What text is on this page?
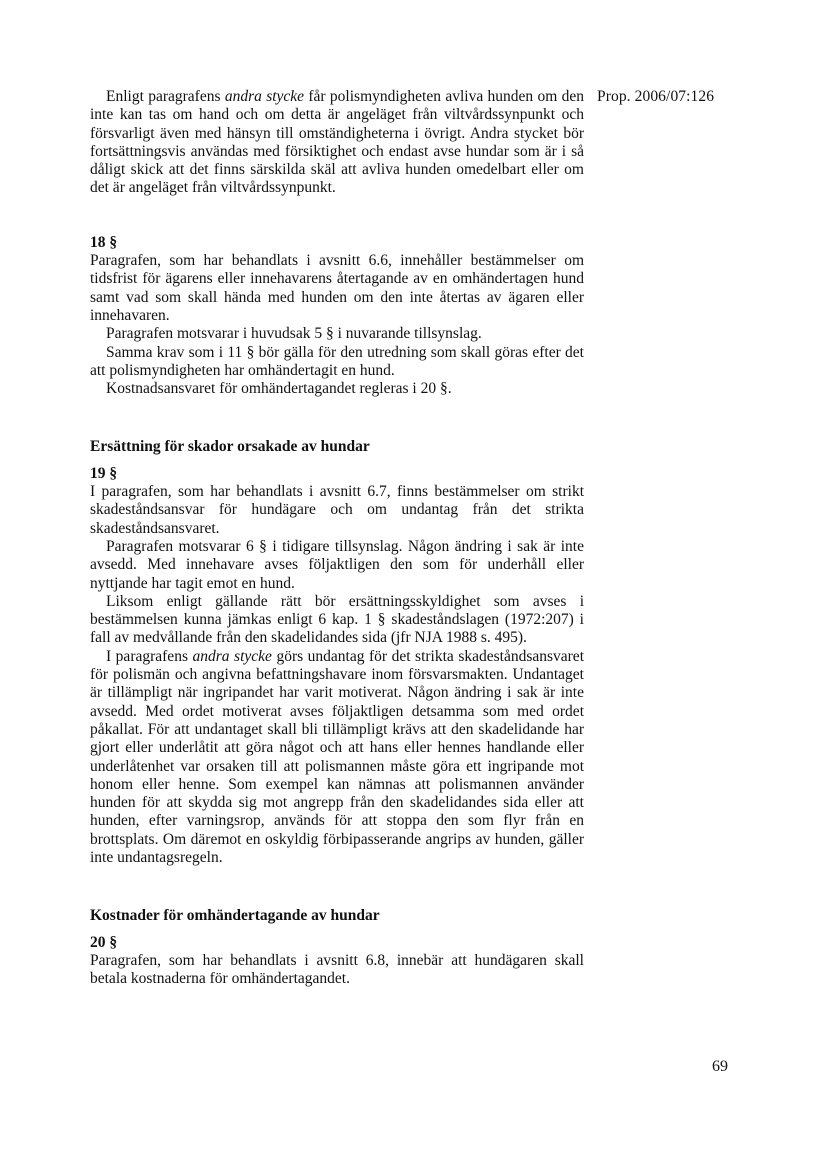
Prop. 2006/07:126

Enligt paragrafens andra stycke får polismyndigheten avliva hunden om den inte kan tas om hand och om detta är angeläget från viltvårdssynpunkt och försvarligt även med hänsyn till omständigheterna i övrigt. Andra stycket bör fortsättningsvis användas med försiktighet och endast avse hundar som är i så dåligt skick att det finns särskilda skäl att avliva hunden omedelbart eller om det är angeläget från viltvårdssynpunkt.

18 §

Paragrafen, som har behandlats i avsnitt 6.6, innehåller bestämmelser om tidsfrist för ägarens eller innehavarens återtagande av en omhändertagen hund samt vad som skall hända med hunden om den inte återtas av ägaren eller innehavaren.

Paragrafen motsvarar i huvudsak 5 § i nuvarande tillsynslag.

Samma krav som i 11 § bör gälla för den utredning som skall göras efter det att polismyndigheten har omhändertagit en hund.

Kostnadsansvaret för omhändertagandet regleras i 20 §.

Ersättning för skador orsakade av hundar

19 §

I paragrafen, som har behandlats i avsnitt 6.7, finns bestämmelser om strikt skadeståndsansvar för hundägare och om undantag från det strikta skadeståndsansvaret.

Paragrafen motsvarar 6 § i tidigare tillsynslag. Någon ändring i sak är inte avsedd. Med innehavare avses följaktligen den som för underhåll eller nyttjande har tagit emot en hund.

Liksom enligt gällande rätt bör ersättningsskyldighet som avses i bestämmelsen kunna jämkas enligt 6 kap. 1 § skadeståndslagen (1972:207) i fall av medvållande från den skadelidandes sida (jfr NJA 1988 s. 495).

I paragrafens andra stycke görs undantag för det strikta skadeståndsansvaret för polismän och angivna befattningshavare inom försvarsmakten. Undantaget är tillämpligt när ingripandet har varit motiverat. Någon ändring i sak är inte avsedd. Med ordet motiverat avses följaktligen detsamma som med ordet påkallat. För att undantaget skall bli tillämpligt krävs att den skadelidande har gjort eller underlåtit att göra något och att hans eller hennes handlande eller underlåtenhet var orsaken till att polismannen måste göra ett ingripande mot honom eller henne. Som exempel kan nämnas att polismannen använder hunden för att skydda sig mot angrepp från den skadelidandes sida eller att hunden, efter varningsrop, används för att stoppa den som flyr från en brottsplats. Om däremot en oskyldig förbipasserande angrips av hunden, gäller inte undantagsregeln.

Kostnader för omhändertagande av hundar

20 §

Paragrafen, som har behandlats i avsnitt 6.8, innebär att hundägaren skall betala kostnaderna för omhändertagandet.

69
